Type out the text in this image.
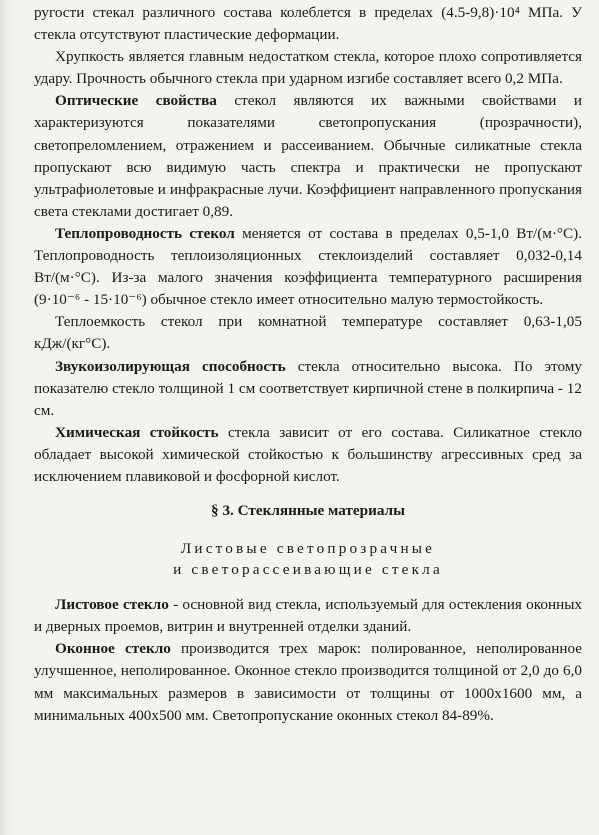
ругости стекал различного состава колеблется в пределах (4.5-9,8)·10⁴ МПа. У стекла отсутствуют пластические деформации.

Хрупкость является главным недостатком стекла, которое плохо сопротивляется удару. Прочность обычного стекла при ударном изгибе составляет всего 0,2 МПа.

Оптические свойства стекол являются их важными свойствами и характеризуются показателями светопропускания (прозрачности), светопреломлением, отражением и рассеиванием. Обычные силикатные стекла пропускают всю видимую часть спектра и практически не пропускают ультрафиолетовые и инфракрасные лучи. Коэффициент направленного пропускания света стеклами достигает 0,89.

Теплопроводность стекол меняется от состава в пределах 0,5-1,0 Вт/(м·°С). Теплопроводность теплоизоляционных стеклоизделий составляет 0,032-0,14 Вт/(м·°С). Из-за малого значения коэффициента температурного расширения (9·10⁻⁶ - 15·10⁻⁶) обычное стекло имеет относительно малую термостойкость.

Теплоемкость стекол при комнатной температуре составляет 0,63-1,05 кДж/(кг°С).

Звукоизолирующая способность стекла относительно высока. По этому показателю стекло толщиной 1 см соответствует кирпичной стене в полкирпича - 12 см.

Химическая стойкость стекла зависит от его состава. Силикатное стекло обладает высокой химической стойкостью к большинству агрессивных сред за исключением плавиковой и фосфорной кислот.

§ 3. Стеклянные материалы

Листовые светопрозрачные
и светорассеивающие стекла

Листовое стекло - основной вид стекла, используемый для остекления оконных и дверных проемов, витрин и внутренней отделки зданий.

Оконное стекло производится трех марок: полированное, неполированное улучшенное, неполированное. Оконное стекло производится толщиной от 2,0 до 6,0 мм максимальных размеров в зависимости от толщины от 1000х1600 мм, а минимальных 400х500 мм. Светопропускание оконных стекол 84-89%.
